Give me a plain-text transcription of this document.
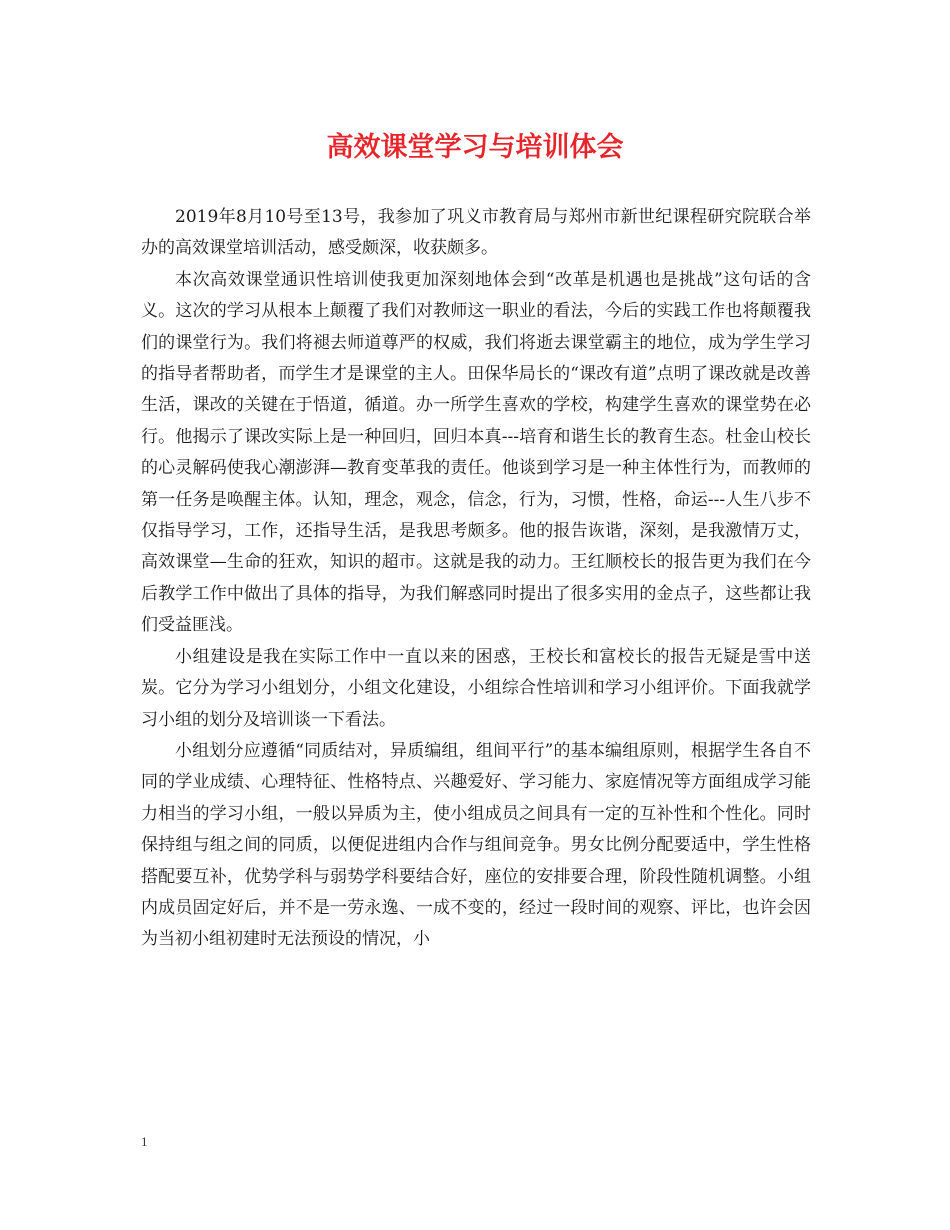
高效课堂学习与培训体会

2019年8月10号至13号，我参加了巩义市教育局与郑州市新世纪课程研究院联合举办的高效课堂培训活动，感受颇深，收获颇多。

本次高效课堂通识性培训使我更加深刻地体会到“改革是机遇也是挑战”这句话的含义。这次的学习从根本上颠覆了我们对教师这一职业的看法，今后的实践工作也将颠覆我们的课堂行为。我们将褪去师道尊严的权威，我们将逝去课堂霸主的地位，成为学生学习的指导者帮助者，而学生才是课堂的主人。田保华局长的“课改有道”点明了课改就是改善生活，课改的关键在于悟道，循道。办一所学生喜欢的学校，构建学生喜欢的课堂势在必行。他揭示了课改实际上是一种回归，回归本真---培育和谐生长的教育生态。杜金山校长的心灵解码使我心潮澎湃—教育变革我的责任。他谈到学习是一种主体性行为，而教师的第一任务是唤醒主体。认知，理念，观念，信念，行为，习惯，性格，命运---人生八步不仅指导学习，工作，还指导生活，是我思考颇多。他的报告诙谐，深刻，是我激情万丈，高效课堂—生命的狂欢，知识的超市。这就是我的动力。王红顺校长的报告更为我们在今后教学工作中做出了具体的指导，为我们解惑同时提出了很多实用的金点子，这些都让我们受益匪浅。

小组建设是我在实际工作中一直以来的困惑，王校长和富校长的报告无疑是雪中送炭。它分为学习小组划分，小组文化建设，小组综合性培训和学习小组评价。下面我就学习小组的划分及培训谈一下看法。

小组划分应遵循“同质结对，异质编组，组间平行”的基本编组原则，根据学生各自不同的学业成绩、心理特征、性格特点、兴趣爱好、学习能力、家庭情况等方面组成学习能力相当的学习小组，一般以异质为主，使小组成员之间具有一定的互补性和个性化。同时保持组与组之间的同质，以便促进组内合作与组间竞争。男女比例分配要适中，学生性格搭配要互补，优势学科与弱势学科要结合好，座位的安排要合理，阶段性随机调整。小组内成员固定好后，并不是一劳永逸、一成不变的，经过一段时间的观察、评比，也许会因为当初小组初建时无法预设的情况，小

1
